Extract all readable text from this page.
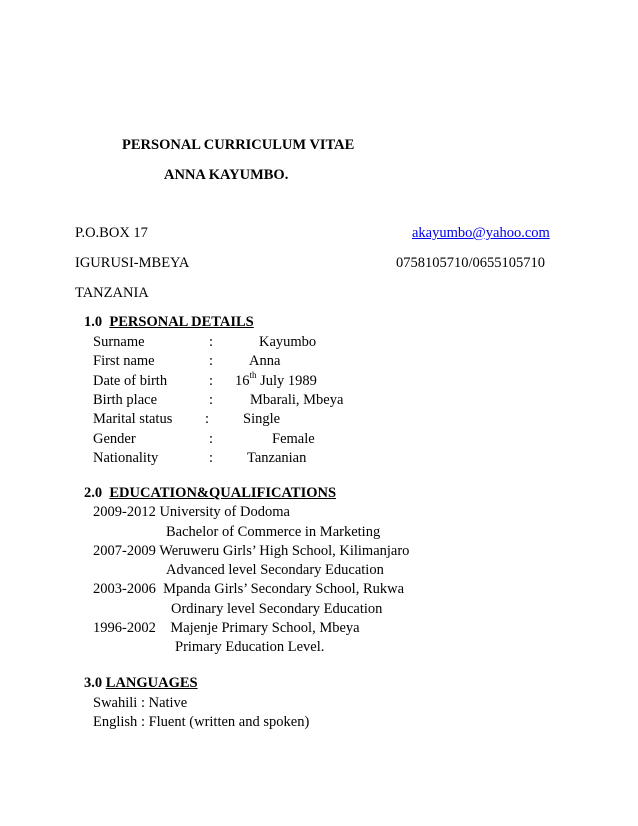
PERSONAL CURRICULUM VITAE
ANNA KAYUMBO.
P.O.BOX 17	akayumbo@yahoo.com
IGURUSI-MBEYA	0758105710/0655105710
TANZANIA
1.0 PERSONAL DETAILS
Surname	:	Kayumbo
First name	: Anna
Date of birth	: 16th July 1989
Birth place	:	Mbarali, Mbeya
Marital status : Single
Gender	:	Female
Nationality	: Tanzanian
2.0 EDUCATION&QUALIFICATIONS
2009-2012 University of Dodoma
Bachelor of Commerce in Marketing
2007-2009 Weruweru Girls’ High School, Kilimanjaro
Advanced level Secondary Education
2003-2006  Mpanda Girls’ Secondary School, Rukwa
Ordinary level Secondary Education
1996-2002    Majenje Primary School, Mbeya
Primary Education Level.
3.0 LANGUAGES
Swahili : Native
English : Fluent (written and spoken)
